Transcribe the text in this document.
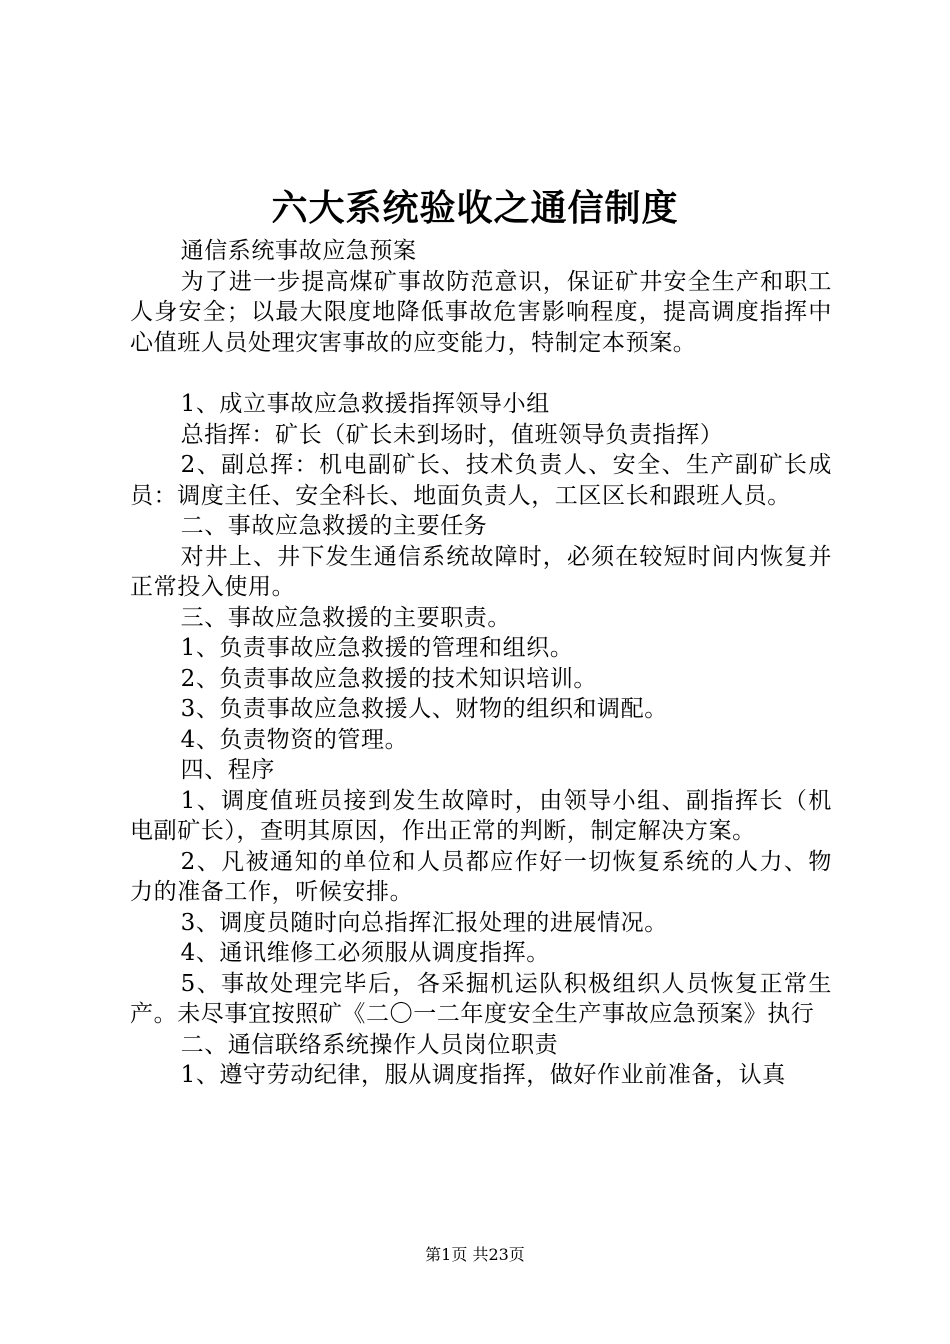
六大系统验收之通信制度

通信系统事故应急预案

为了进一步提高煤矿事故防范意识，保证矿井安全生产和职工人身安全；以最大限度地降低事故危害影响程度，提高调度指挥中心值班人员处理灾害事故的应变能力，特制定本预案。

1、成立事故应急救援指挥领导小组

总指挥：矿长（矿长未到场时，值班领导负责指挥）

2、副总挥：机电副矿长、技术负责人、安全、生产副矿长成员：调度主任、安全科长、地面负责人，工区区长和跟班人员。

二、事故应急救援的主要任务

对井上、井下发生通信系统故障时，必须在较短时间内恢复并正常投入使用。

三、事故应急救援的主要职责。

1、负责事故应急救援的管理和组织。

2、负责事故应急救援的技术知识培训。

3、负责事故应急救援人、财物的组织和调配。

4、负责物资的管理。

四、程序

1、调度值班员接到发生故障时，由领导小组、副指挥长（机电副矿长），查明其原因，作出正常的判断，制定解决方案。

2、凡被通知的单位和人员都应作好一切恢复系统的人力、物力的准备工作，听候安排。

3、调度员随时向总指挥汇报处理的进展情况。

4、通讯维修工必须服从调度指挥。

5、事故处理完毕后，各采掘机运队积极组织人员恢复正常生产。未尽事宜按照矿《二〇一二年度安全生产事故应急预案》执行

二、通信联络系统操作人员岗位职责

1、遵守劳动纪律，服从调度指挥，做好作业前准备，认真

第1页 共23页
